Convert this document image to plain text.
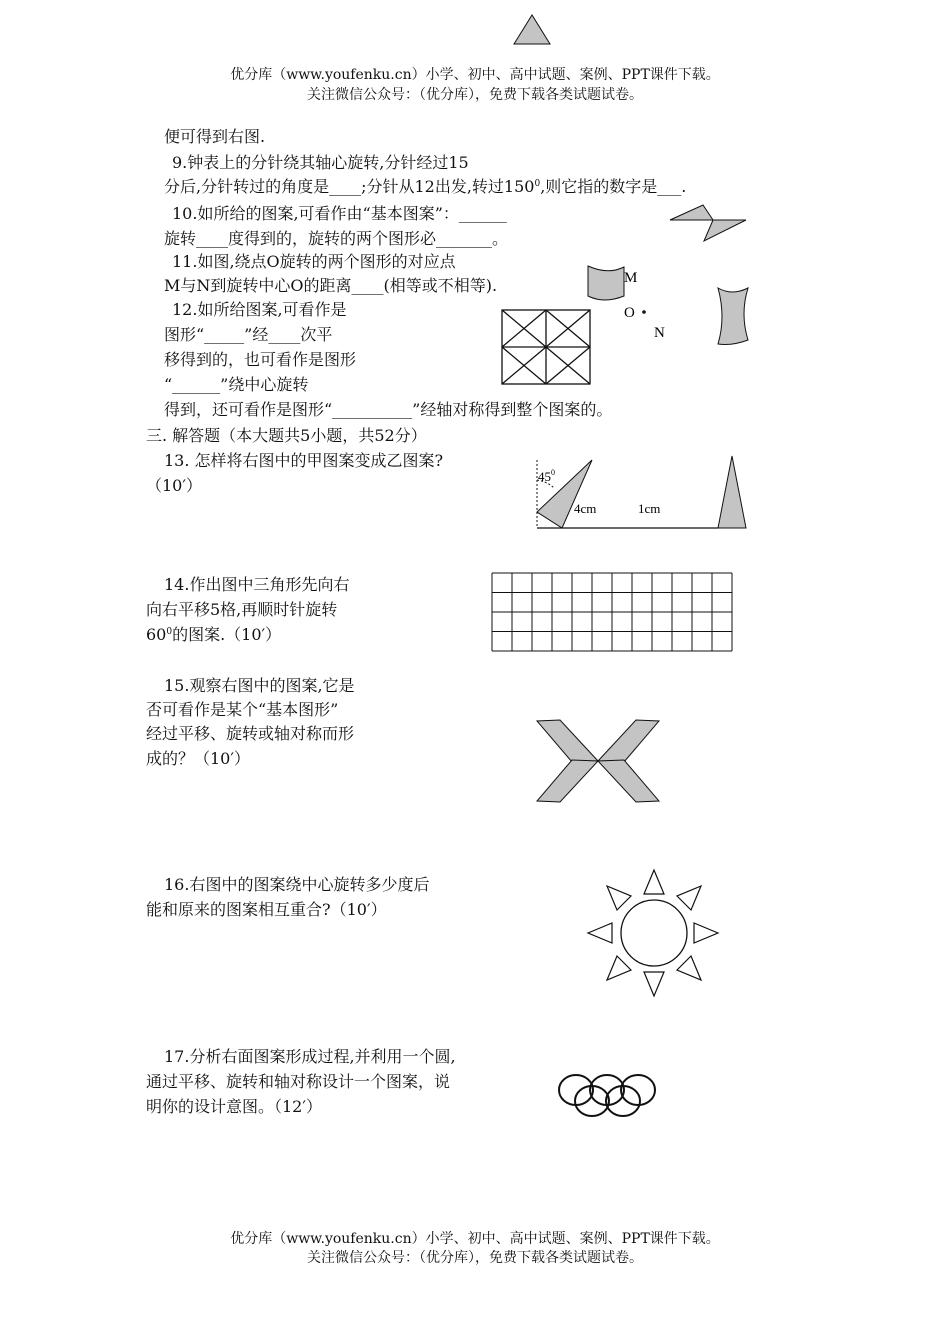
优分库（www.youfenku.cn）小学、初中、高中试题、案例、PPT课件下载。
关注微信公众号：（优分库），免费下载各类试题试卷。
便可得到右图.
9.钟表上的分针绕其轴心旋转,分针经过15
分后,分针转过的角度是____;分针从12出发,转过$150^0$,则它指的数字是___.
10.如所给的图案,可看作由“基本图案”：______
旋转____度得到的，旋转的两个图形必_______。
11.如图,绕点O旋转的两个图形的对应点
M与N到旋转中心O的距离____(相等或不相等).	M
O
N
12.如所给图案,可看作是
图形“_____”经____次平
移得到的，也可看作是图形
“______”绕中心旋转
得到，还可看作是图形“__________”经轴对称得到整个图案的。
三. 解答题（本大题共5小题，共52分）
13. 怎样将右图中的甲图案变成乙图案?
（10′）	$45^0$
4cm	1cm
14.作出图中三角形先向右
向右平移5格,再顺时针旋转
$60^0$的图案.（10′）
15.观察右图中的图案,它是
否可看作是某个“基本图形”
经过平移、旋转或轴对称而形
成的？（10′）
16.右图中的图案绕中心旋转多少度后
能和原来的图案相互重合?（10′）
17.分析右面图案形成过程,并利用一个圆,
通过平移、旋转和轴对称设计一个图案，说
明你的设计意图。（12′）
优分库（www.youfenku.cn）小学、初中、高中试题、案例、PPT课件下载。
关注微信公众号：（优分库），免费下载各类试题试卷。
